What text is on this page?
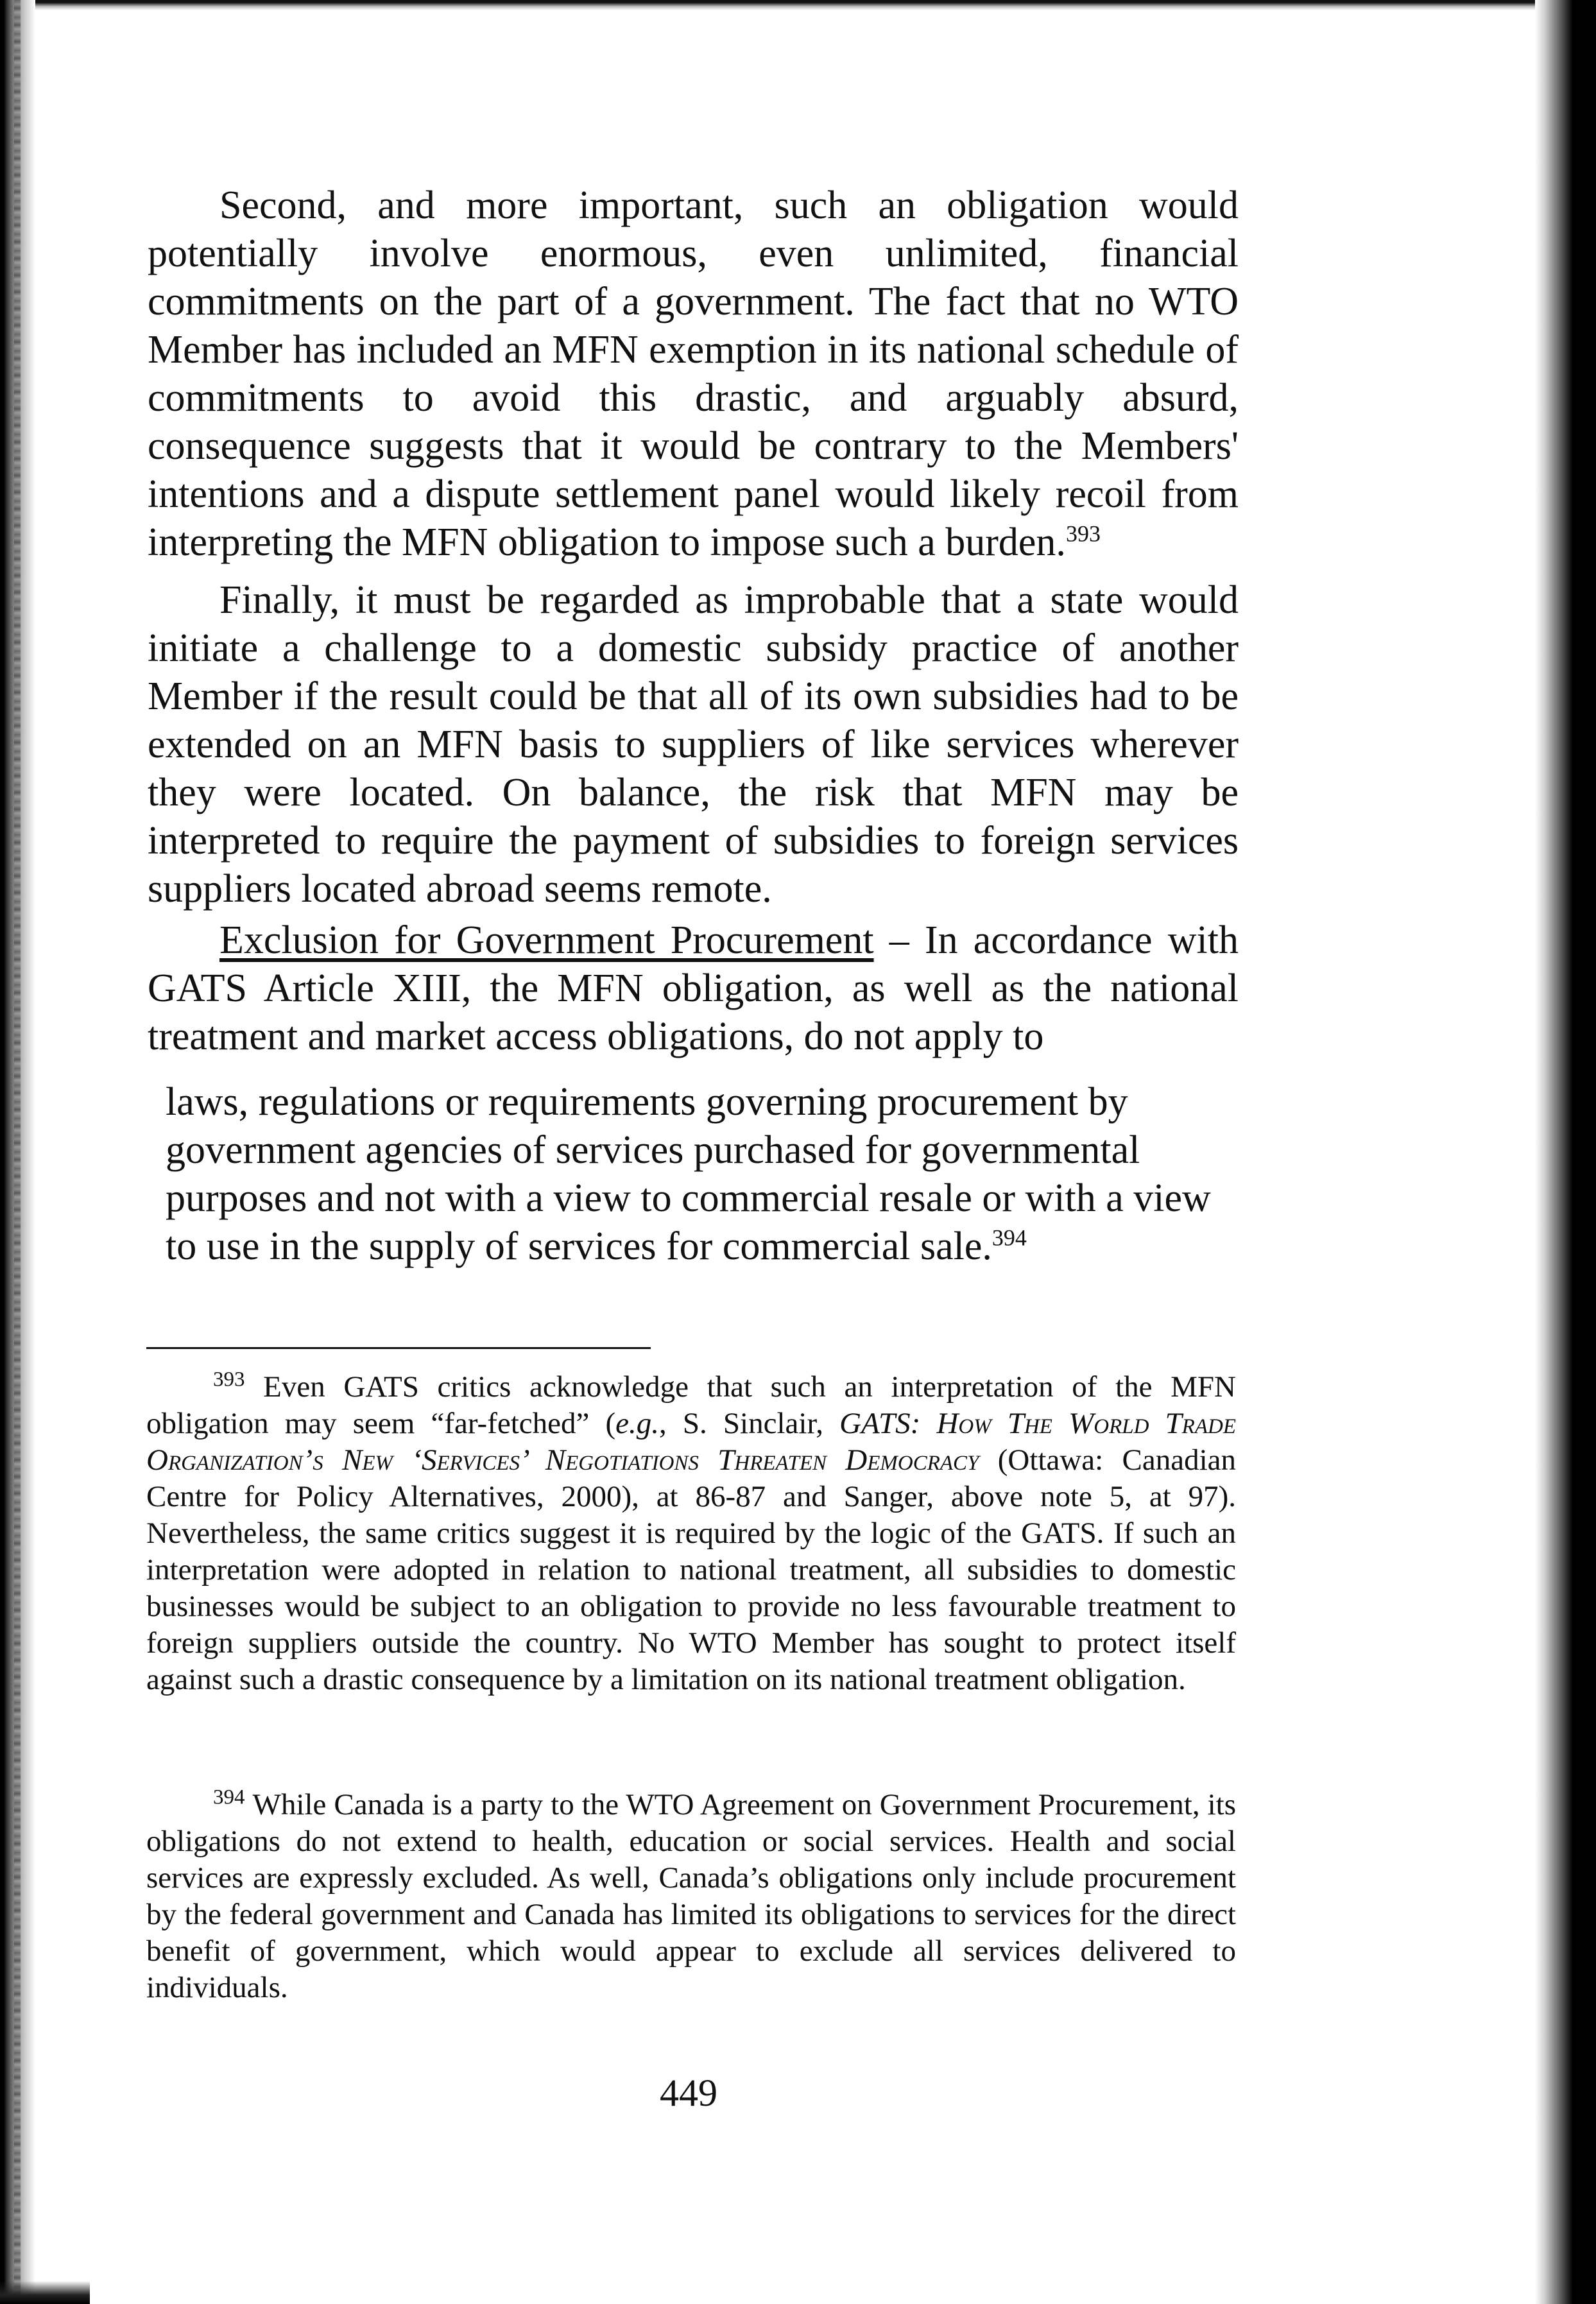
Second, and more important, such an obligation would potentially involve enormous, even unlimited, financial commitments on the part of a government. The fact that no WTO Member has included an MFN exemption in its national schedule of commitments to avoid this drastic, and arguably absurd, consequence suggests that it would be contrary to the Members' intentions and a dispute settlement panel would likely recoil from interpreting the MFN obligation to impose such a burden.$^{393}$

Finally, it must be regarded as improbable that a state would initiate a challenge to a domestic subsidy practice of another Member if the result could be that all of its own subsidies had to be extended on an MFN basis to suppliers of like services wherever they were located. On balance, the risk that MFN may be interpreted to require the payment of subsidies to foreign services suppliers located abroad seems remote.

Exclusion for Government Procurement – In accordance with GATS Article XIII, the MFN obligation, as well as the national treatment and market access obligations, do not apply to

laws, regulations or requirements governing procurement by government agencies of services purchased for governmental purposes and not with a view to commercial resale or with a view to use in the supply of services for commercial sale.$^{394}$

$^{393}$ Even GATS critics acknowledge that such an interpretation of the MFN obligation may seem “far-fetched” (e.g., S. Sinclair, GATS: How The World Trade Organization’s New ‘Services’ Negotiations Threaten Democracy (Ottawa: Canadian Centre for Policy Alternatives, 2000), at 86-87 and Sanger, above note 5, at 97). Nevertheless, the same critics suggest it is required by the logic of the GATS. If such an interpretation were adopted in relation to national treatment, all subsidies to domestic businesses would be subject to an obligation to provide no less favourable treatment to foreign suppliers outside the country. No WTO Member has sought to protect itself against such a drastic consequence by a limitation on its national treatment obligation.

$^{394}$ While Canada is a party to the WTO Agreement on Government Procurement, its obligations do not extend to health, education or social services. Health and social services are expressly excluded. As well, Canada’s obligations only include procurement by the federal government and Canada has limited its obligations to services for the direct benefit of government, which would appear to exclude all services delivered to individuals.

449
